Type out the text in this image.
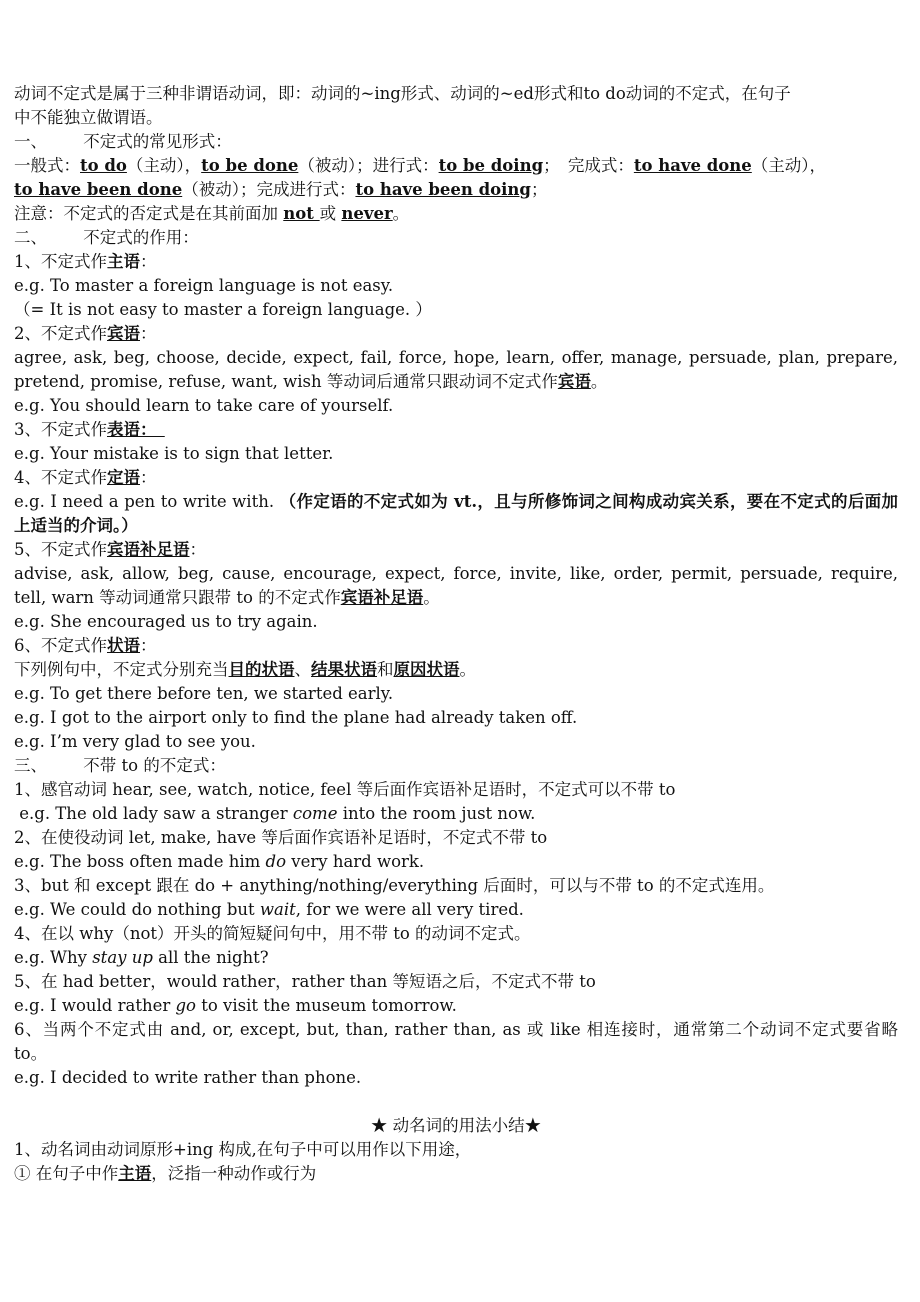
动词不定式是属于三种非谓语动词，即：动词的~ing形式、动词的~ed形式和to do动词的不定式，在句子
中不能独立做谓语。
一、 不定式的常见形式：
一般式：to do（主动），to be done（被动）；进行式：to be doing；　完成式：to have done（主动），
to have been done（被动）；完成进行式：to have been doing；
注意：不定式的否定式是在其前面加 not 或 never。
二、 不定式的作用：
1、不定式作主语：
e.g. To master a foreign language is not easy.
（= It is not easy to master a foreign language. ）
2、不定式作宾语：
agree, ask, beg, choose, decide, expect, fail, force, hope, learn, offer, manage, persuade, plan, prepare, pretend, promise, refuse, want, wish 等动词后通常只跟动词不定式作宾语。
e.g. You should learn to take care of yourself.
3、不定式作表语： 
e.g. Your mistake is to sign that letter.
4、不定式作定语：
e.g. I need a pen to write with. （作定语的不定式如为 vt.，且与所修饰词之间构成动宾关系，要在不定式的后面加上适当的介词。）
5、不定式作宾语补足语：
advise, ask, allow, beg, cause, encourage, expect, force, invite, like, order, permit, persuade, require, tell, warn 等动词通常只跟带 to 的不定式作宾语补足语。
e.g. She encouraged us to try again.
6、不定式作状语：
下列例句中，不定式分别充当目的状语、结果状语和原因状语。
e.g. To get there before ten, we started early.
e.g. I got to the airport only to find the plane had already taken off.
e.g. I’m very glad to see you.
三、 不带 to 的不定式：
1、感官动词 hear, see, watch, notice, feel 等后面作宾语补足语时，不定式可以不带 to
e.g. The old lady saw a stranger come into the room just now.
2、在使役动词 let, make, have 等后面作宾语补足语时，不定式不带 to
e.g. The boss often made him do very hard work.
3、but 和 except 跟在 do + anything/nothing/everything 后面时，可以与不带 to 的不定式连用。
e.g. We could do nothing but wait, for we were all very tired.
4、在以 why（not）开头的简短疑问句中，用不带 to 的动词不定式。
e.g. Why stay up all the night?
5、在 had better，would rather，rather than 等短语之后，不定式不带 to
e.g. I would rather go to visit the museum tomorrow.
6、当两个不定式由 and, or, except, but, than, rather than, as 或 like 相连接时，通常第二个动词不定式要省略 to。
e.g. I decided to write rather than phone.
★ 动名词的用法小结★
1、动名词由动词原形+ing 构成,在句子中可以用作以下用途，
① 在句子中作主语，泛指一种动作或行为
